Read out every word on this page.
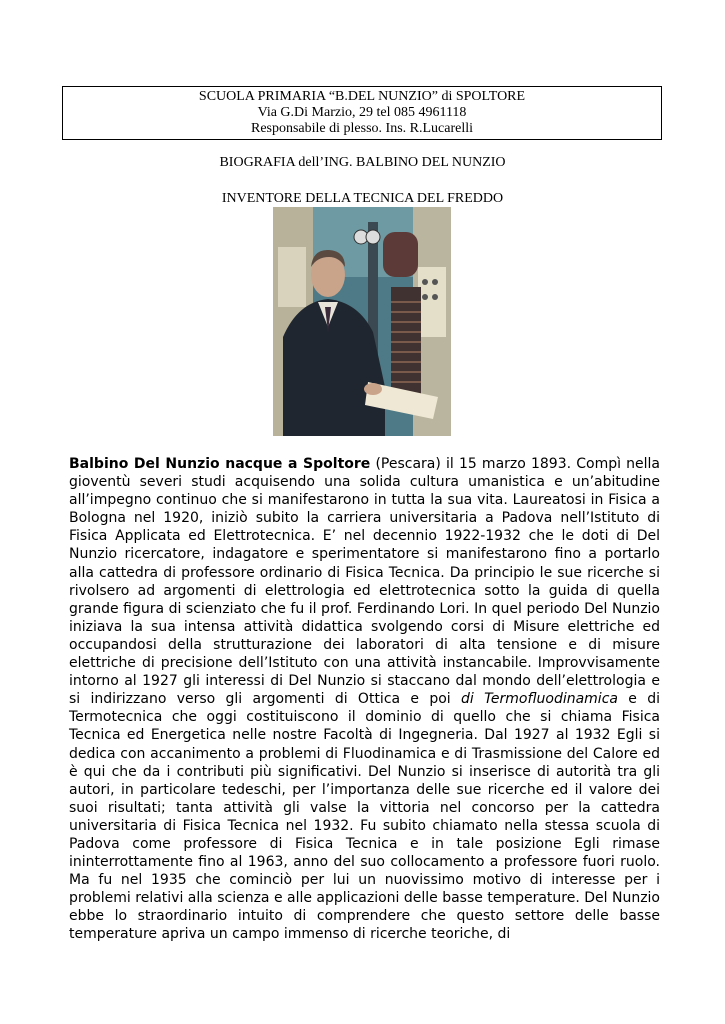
SCUOLA PRIMARIA “B.DEL NUNZIO” di SPOLTORE
Via G.Di Marzio, 29 tel 085 4961118
Responsabile di plesso. Ins. R.Lucarelli
BIOGRAFIA dell’ING. BALBINO DEL NUNZIO
INVENTORE DELLA TECNICA DEL FREDDO

Balbino Del Nunzio nacque a Spoltore (Pescara) il 15 marzo 1893. Compì nella gioventù severi studi acquisendo una solida cultura umanistica e un’abitudine all’impegno continuo che si manifestarono in tutta la sua vita. Laureatosi in Fisica a Bologna nel 1920, iniziò subito la carriera universitaria a Padova nell’Istituto di Fisica Applicata ed Elettrotecnica. E’ nel decennio 1922-1932 che le doti di Del Nunzio ricercatore, indagatore e sperimentatore si manifestarono fino a portarlo alla cattedra di professore ordinario di Fisica Tecnica. Da principio le sue ricerche si rivolsero ad argomenti di elettrologia ed elettrotecnica sotto la guida di quella grande figura di scienziato che fu il prof. Ferdinando Lori. In quel periodo Del Nunzio iniziava la sua intensa attività didattica svolgendo corsi di Misure elettriche ed occupandosi della strutturazione dei laboratori di alta tensione e di misure elettriche di precisione dell’Istituto con una attività instancabile. Improvvisamente intorno al 1927 gli interessi di Del Nunzio si staccano dal mondo dell’elettrologia e si indirizzano verso gli argomenti di Ottica e poi di Termofluodinamica e di Termotecnica che oggi costituiscono il dominio di quello che si chiama Fisica Tecnica ed Energetica nelle nostre Facoltà di Ingegneria. Dal 1927 al 1932 Egli si dedica con accanimento a problemi di Fluodinamica e di Trasmissione del Calore ed è qui che da i contributi più significativi. Del Nunzio si inserisce di autorità tra gli autori, in particolare tedeschi, per l’importanza delle sue ricerche ed il valore dei suoi risultati; tanta attività gli valse la vittoria nel concorso per la cattedra universitaria di Fisica Tecnica nel 1932. Fu subito chiamato nella stessa scuola di Padova come professore di Fisica Tecnica e in tale posizione Egli rimase ininterrottamente fino al 1963, anno del suo collocamento a professore fuori ruolo. Ma fu nel 1935 che cominciò per lui un nuovissimo motivo di interesse per i problemi relativi alla scienza e alle applicazioni delle basse temperature. Del Nunzio ebbe lo straordinario intuito di comprendere che questo settore delle basse temperature apriva un campo immenso di ricerche teoriche, di
